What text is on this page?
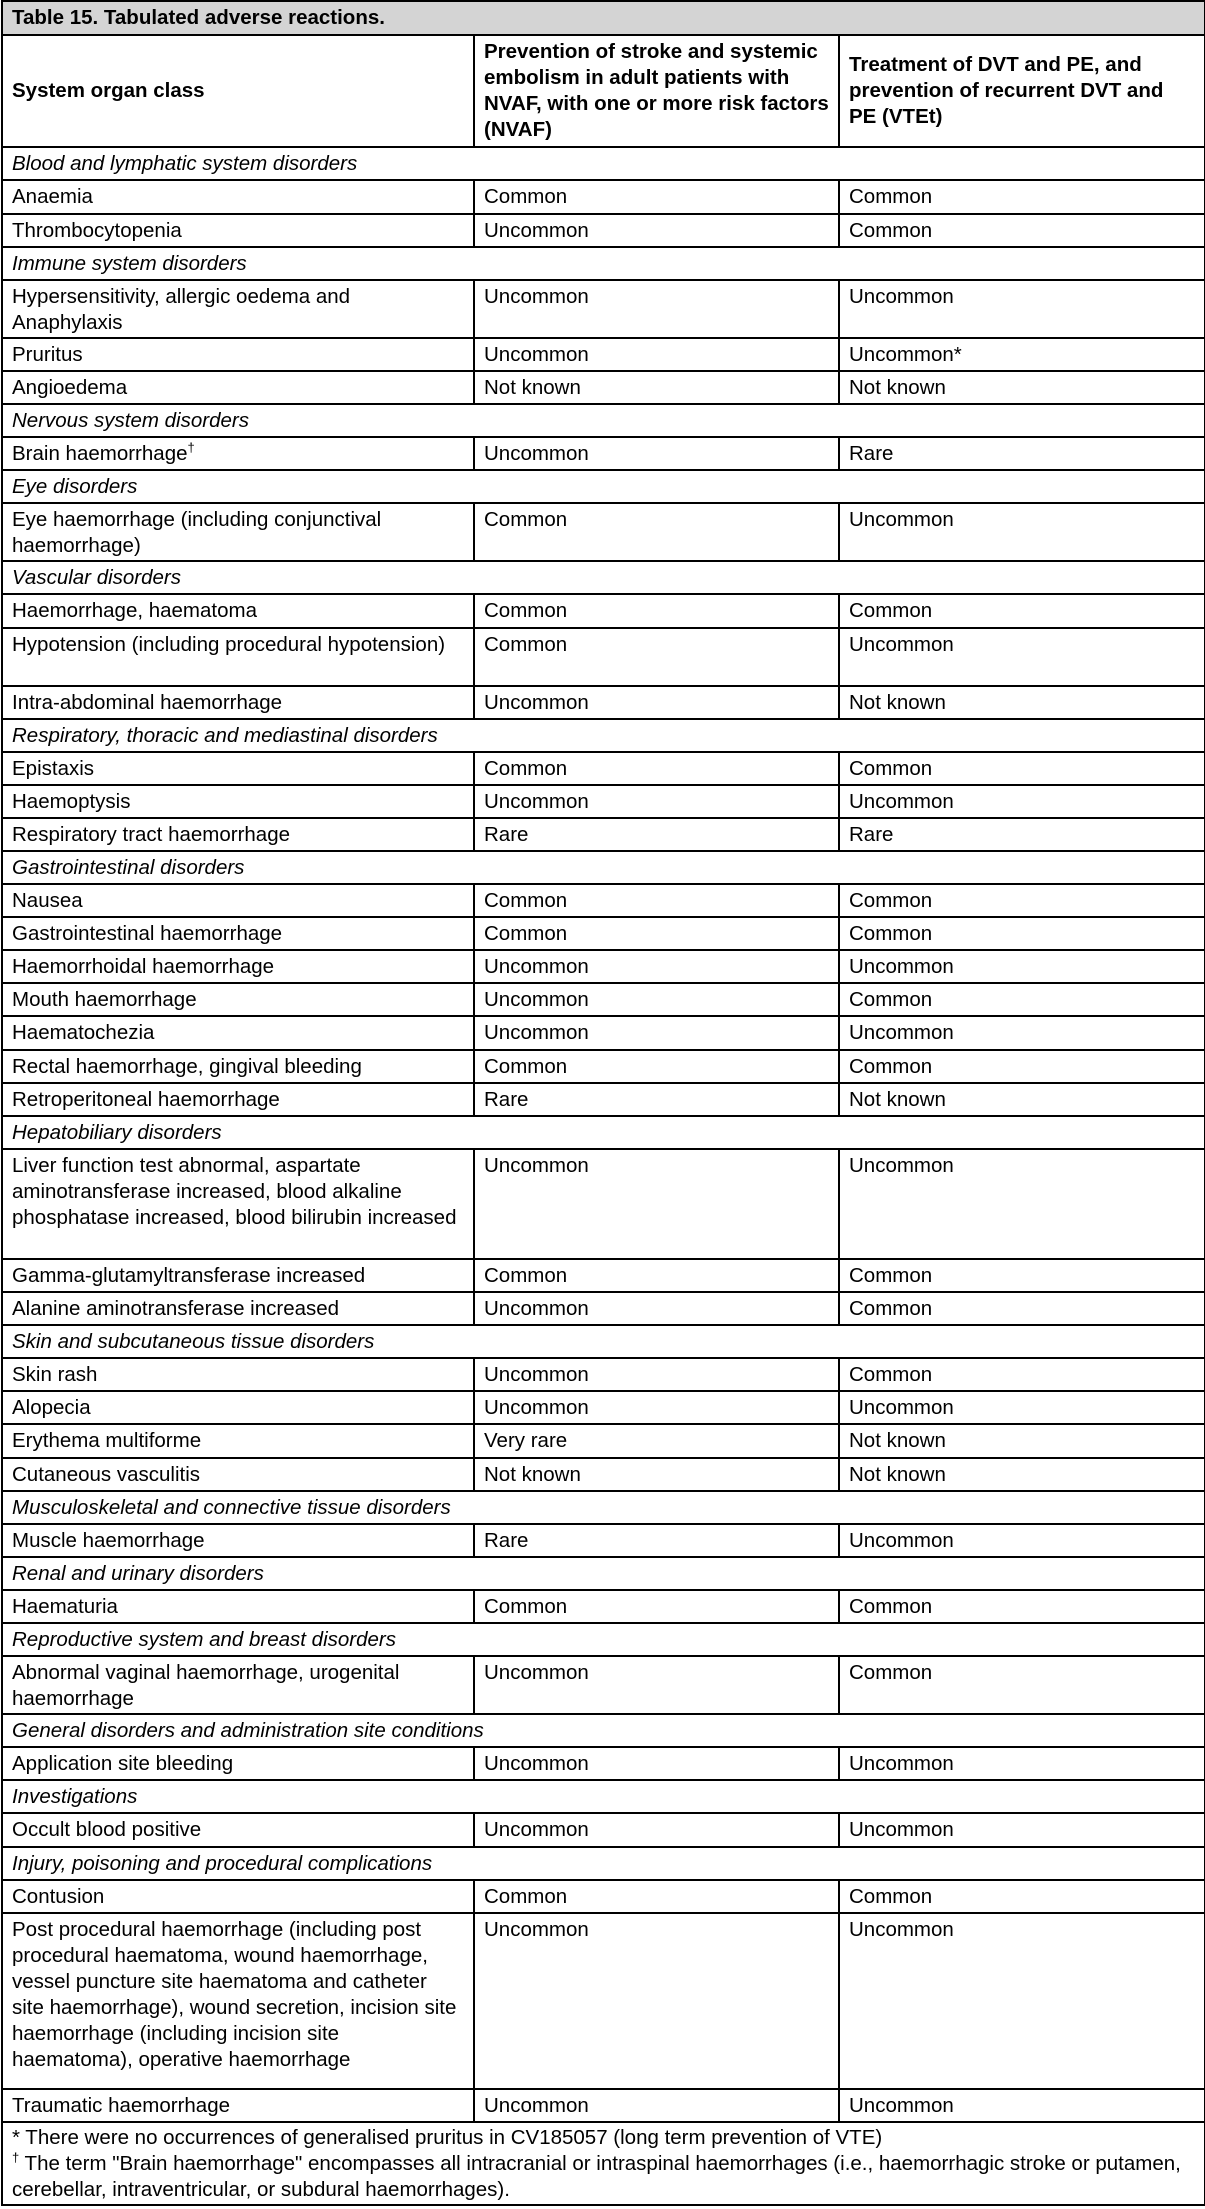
Table 15. Tabulated adverse reactions.		
System organ class	Prevention of stroke and systemic embolism in adult patients with NVAF, with one or more risk factors (NVAF)	Treatment of DVT and PE, and prevention of recurrent DVT and PE (VTEt)
Blood and lymphatic system disorders		
Anaemia	Common	Common
Thrombocytopenia	Uncommon	Common
Immune system disorders		
Hypersensitivity, allergic oedema and Anaphylaxis	Uncommon	Uncommon
Pruritus	Uncommon	Uncommon*
Angioedema	Not known	Not known
Nervous system disorders		
Brain haemorrhage†	Uncommon	Rare
Eye disorders		
Eye haemorrhage (including conjunctival haemorrhage)	Common	Uncommon
Vascular disorders		
Haemorrhage, haematoma	Common	Common
Hypotension (including procedural hypotension)	Common	Uncommon
Intra-abdominal haemorrhage	Uncommon	Not known
Respiratory, thoracic and mediastinal disorders		
Epistaxis	Common	Common
Haemoptysis	Uncommon	Uncommon
Respiratory tract haemorrhage	Rare	Rare
Gastrointestinal disorders		
Nausea	Common	Common
Gastrointestinal haemorrhage	Common	Common
Haemorrhoidal haemorrhage	Uncommon	Uncommon
Mouth haemorrhage	Uncommon	Common
Haematochezia	Uncommon	Uncommon
Rectal haemorrhage, gingival bleeding	Common	Common
Retroperitoneal haemorrhage	Rare	Not known
Hepatobiliary disorders		
Liver function test abnormal, aspartate aminotransferase increased, blood alkaline phosphatase increased, blood bilirubin increased	Uncommon	Uncommon
Gamma-glutamyltransferase increased	Common	Common
Alanine aminotransferase increased	Uncommon	Common
Skin and subcutaneous tissue disorders		
Skin rash	Uncommon	Common
Alopecia	Uncommon	Uncommon
Erythema multiforme	Very rare	Not known
Cutaneous vasculitis	Not known	Not known
Musculoskeletal and connective tissue disorders		
Muscle haemorrhage	Rare	Uncommon
Renal and urinary disorders		
Haematuria	Common	Common
Reproductive system and breast disorders		
Abnormal vaginal haemorrhage, urogenital haemorrhage	Uncommon	Common
General disorders and administration site conditions		
Application site bleeding	Uncommon	Uncommon
Investigations		
Occult blood positive	Uncommon	Uncommon
Injury, poisoning and procedural complications		
Contusion	Common	Common
Post procedural haemorrhage (including post procedural haematoma, wound haemorrhage, vessel puncture site haematoma and catheter site haemorrhage), wound secretion, incision site haemorrhage (including incision site haematoma), operative haemorrhage	Uncommon	Uncommon
Traumatic haemorrhage	Uncommon	Uncommon

* There were no occurrences of generalised pruritus in CV185057 (long term prevention of VTE)
† The term "Brain haemorrhage" encompasses all intracranial or intraspinal haemorrhages (i.e., haemorrhagic stroke or putamen, cerebellar, intraventricular, or subdural haemorrhages).		
